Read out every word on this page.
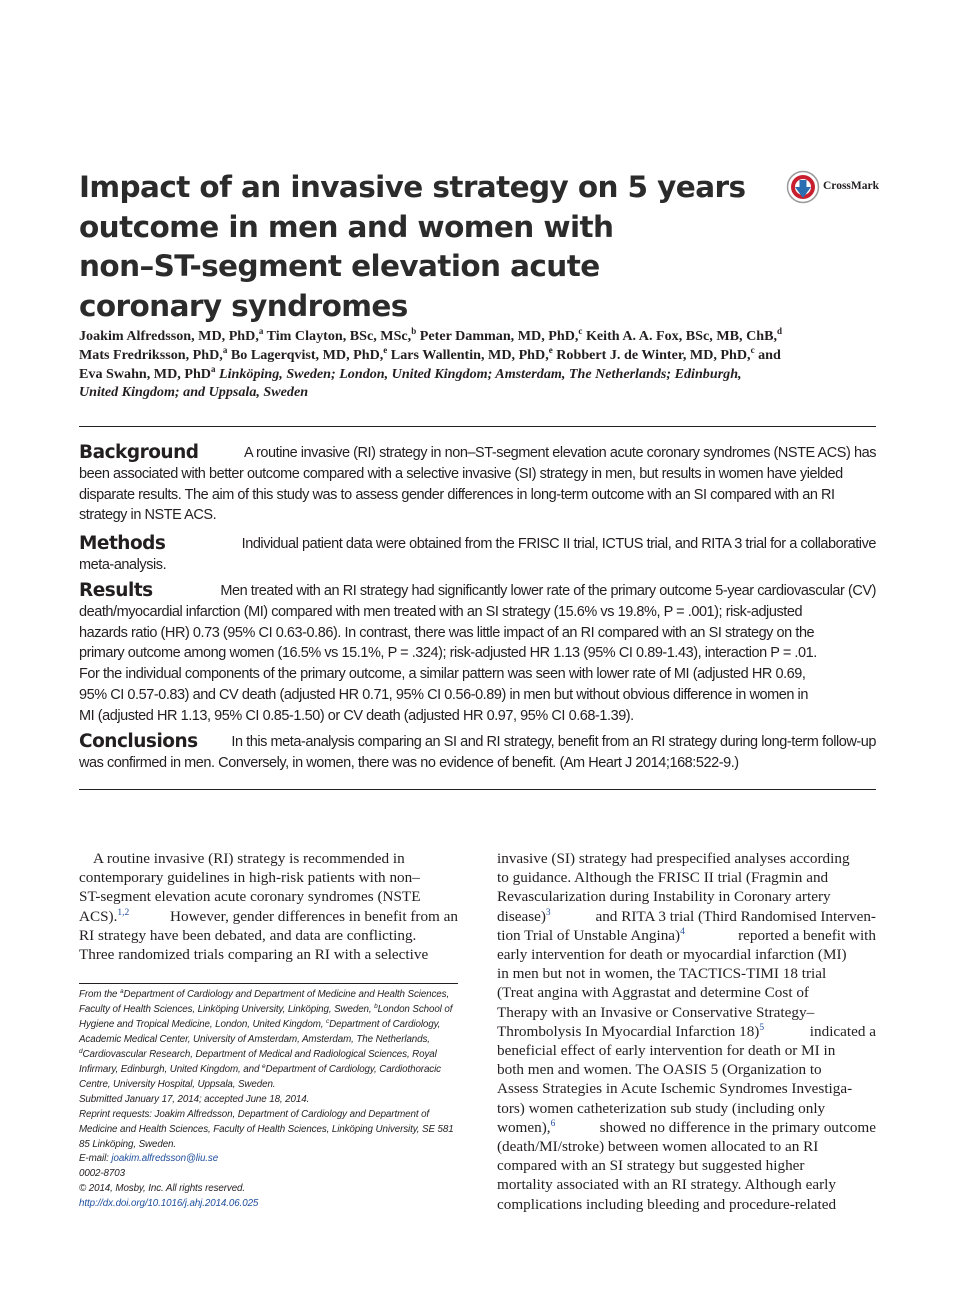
Impact of an invasive strategy on 5 years
outcome in men and women with
non–ST-segment elevation acute
coronary syndromes
CrossMark
Joakim Alfredsson, MD, PhD,$^a$ Tim Clayton, BSc, MSc,$^b$ Peter Damman, MD, PhD,$^c$ Keith A. A. Fox, BSc, MB, ChB,$^d$
Mats Fredriksson, PhD,$^a$ Bo Lagerqvist, MD, PhD,$^e$ Lars Wallentin, MD, PhD,$^e$ Robbert J. de Winter, MD, PhD,$^c$ and
Eva Swahn, MD, PhD$^a$ Linköping, Sweden; London, United Kingdom; Amsterdam, The Netherlands; Edinburgh,
United Kingdom; and Uppsala, Sweden
Background	A routine invasive (RI) strategy in non–ST-segment elevation acute coronary syndromes (NSTE ACS) has
been associated with better outcome compared with a selective invasive (SI) strategy in men, but results in women have yielded
disparate results. The aim of this study was to assess gender differences in long-term outcome with an SI compared with an RI
strategy in NSTE ACS.
Methods	Individual patient data were obtained from the FRISC II trial, ICTUS trial, and RITA 3 trial for a collaborative
meta-analysis.
Results	Men treated with an RI strategy had significantly lower rate of the primary outcome 5-year cardiovascular (CV)
death/myocardial infarction (MI) compared with men treated with an SI strategy (15.6% vs 19.8%, P = .001); risk-adjusted
hazards ratio (HR) 0.73 (95% CI 0.63-0.86). In contrast, there was little impact of an RI compared with an SI strategy on the
primary outcome among women (16.5% vs 15.1%, P = .324); risk-adjusted HR 1.13 (95% CI 0.89-1.43), interaction P = .01.
For the individual components of the primary outcome, a similar pattern was seen with lower rate of MI (adjusted HR 0.69,
95% CI 0.57-0.83) and CV death (adjusted HR 0.71, 95% CI 0.56-0.89) in men but without obvious difference in women in
MI (adjusted HR 1.13, 95% CI 0.85-1.50) or CV death (adjusted HR 0.97, 95% CI 0.68-1.39).
Conclusions In this meta-analysis comparing an SI and RI strategy, benefit from an RI strategy during long-term follow-up
was confirmed in men. Conversely, in women, there was no evidence of benefit. (Am Heart J 2014;168:522-9.)
A routine invasive (RI) strategy is recommended in
contemporary guidelines in high-risk patients with non–
ST-segment elevation acute coronary syndromes (NSTE
ACS).$^{1,2}$	However, gender differences in benefit from an
RI strategy have been debated, and data are conflicting.
Three randomized trials comparing an RI with a selective
From the $^a$Department of Cardiology and Department of Medicine and Health Sciences,
Faculty of Health Sciences, Linköping University, Linköping, Sweden, $^b$London School of
Hygiene and Tropical Medicine, London, United Kingdom, $^c$Department of Cardiology,
Academic Medical Center, University of Amsterdam, Amsterdam, The Netherlands,
$^d$Cardiovascular Research, Department of Medical and Radiological Sciences, Royal
Infirmary, Edinburgh, United Kingdom, and $^e$Department of Cardiology, Cardiothoracic
Centre, University Hospital, Uppsala, Sweden.
Submitted January 17, 2014; accepted June 18, 2014.
Reprint requests: Joakim Alfredsson, Department of Cardiology and Department of
Medicine and Health Sciences, Faculty of Health Sciences, Linköping University, SE 581
85 Linköping, Sweden.
E-mail:
joakim.alfredsson@liu.se
0002-8703
© 2014, Mosby, Inc. All rights reserved.
http://dx.doi.org/10.1016/j.ahj.2014.06.025
invasive (SI) strategy had prespecified analyses according
to guidance. Although the FRISC II trial (Fragmin and
Revascularization during Instability in Coronary artery
disease)$^3$	and RITA 3 trial (Third Randomised Interven-
tion Trial of Unstable Angina)$^4$	reported a benefit with
early intervention for death or myocardial infarction (MI)
in men but not in women, the TACTICS-TIMI 18 trial
(Treat angina with Aggrastat and determine Cost of
Therapy with an Invasive or Conservative Strategy–
Thrombolysis In Myocardial Infarction 18)$^5$	indicated a
beneficial effect of early intervention for death or MI in
both men and women. The OASIS 5 (Organization to
Assess Strategies in Acute Ischemic Syndromes Investiga-
tors) women catheterization sub study (including only
women),$^6$	showed no difference in the primary outcome
(death/MI/stroke) between women allocated to an RI
compared with an SI strategy but suggested higher
mortality associated with an RI strategy. Although early
complications including bleeding and procedure-related
